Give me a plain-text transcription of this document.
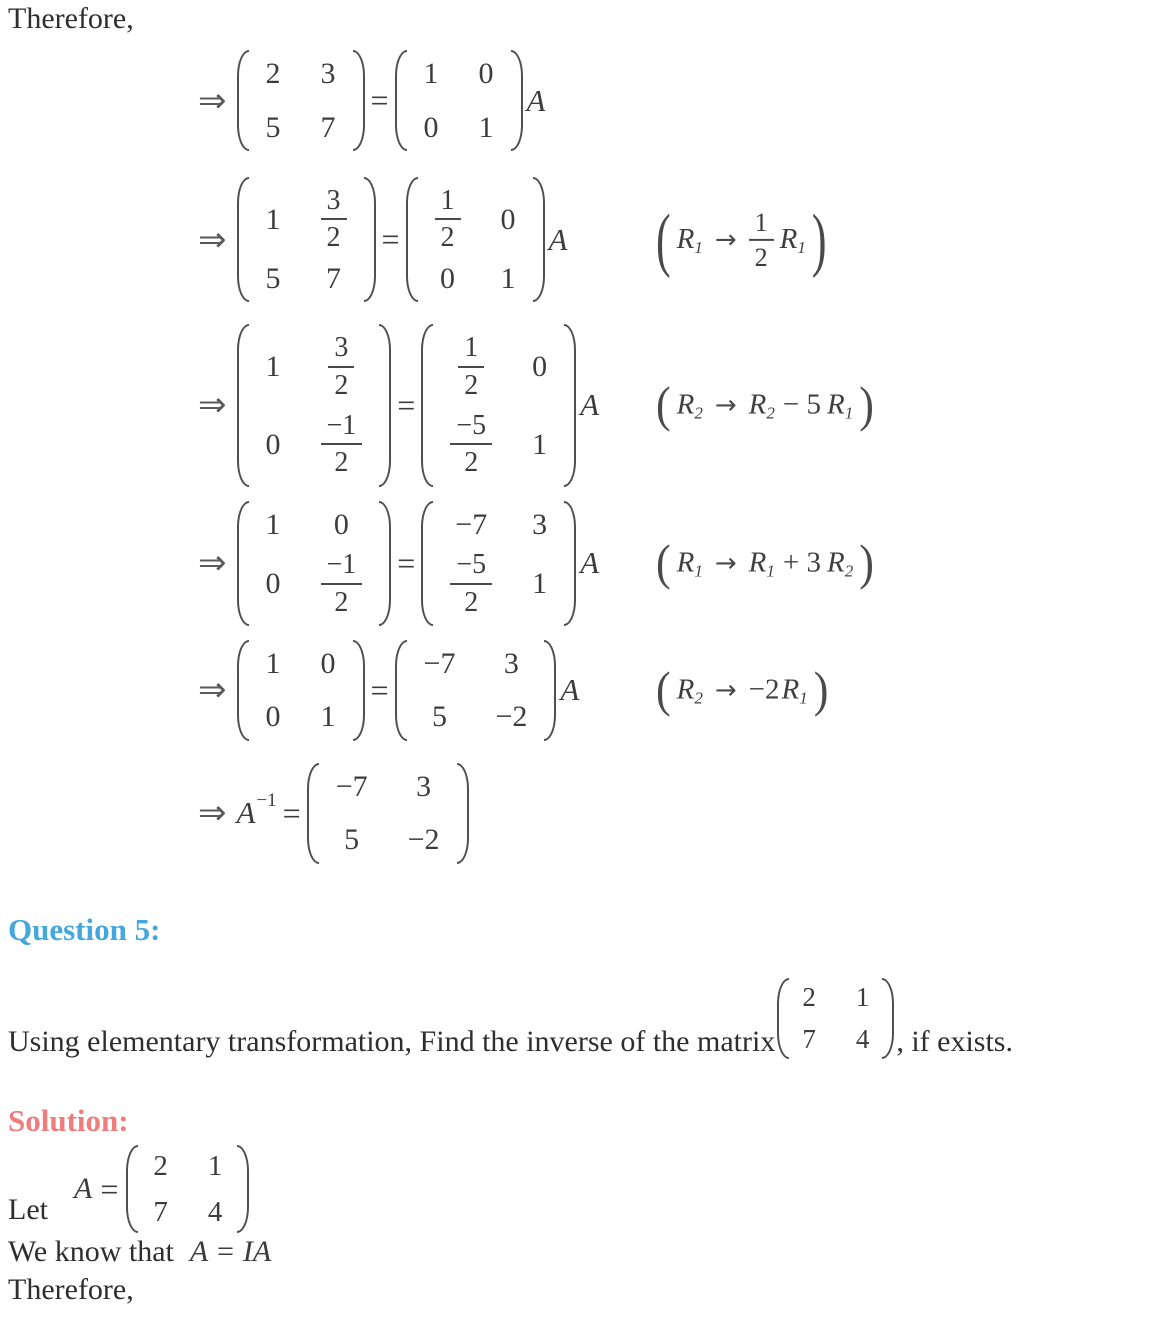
Therefore,
⇒
2 3
5 7
=
1 0
0 1
A
⇒
$1 \frac{3}{2}$
5 7
= $\frac{1}{2} 0$
0 1
A ( R $1 \to \frac{1}{2}$ R 1 )
⇒
$1 \frac{3}{2}$
$0 \frac{-1}{2}$
=
$\frac{1}{2} 0$
$\frac{-5}{2} 1$
A ( R 2 → R 2 − 5 R 1 )
⇒
1 0
$0 \frac{-1}{2}$ =
−7 3
$\frac{-5}{2} 1$
A ( R 1 → R 1 + 3 R 2 )
⇒
1 0
0 1
=
−7 3
5 −2
A ( R 2 → −2 R 1 )
⇒ A −1 =
−7 3
5 −2
Question 5:
Using elementary transformation, Find the inverse of the matrix
2 1
7 4 , if exists.
Solution:
Let
A =
2 1
7 4
We know that A = IA
Therefore,
